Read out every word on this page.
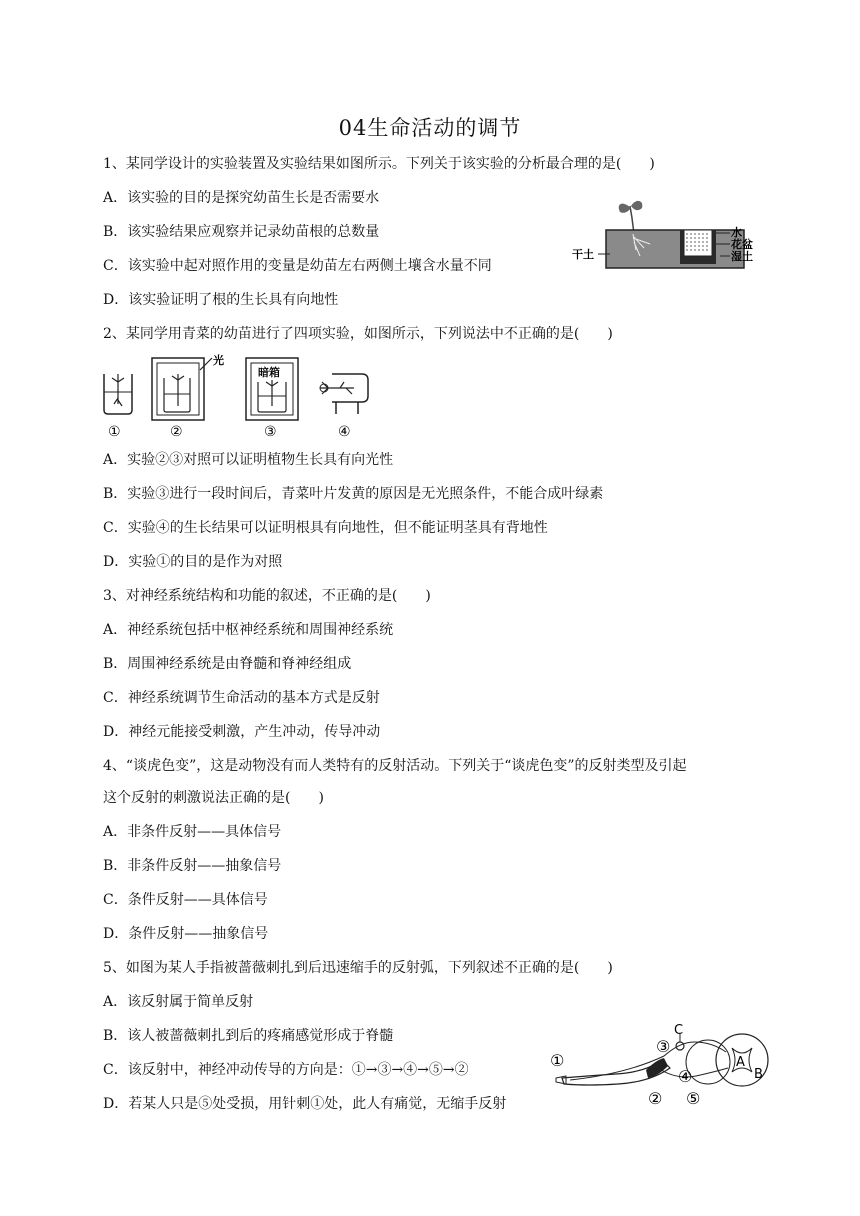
04生命活动的调节
1、某同学设计的实验装置及实验结果如图所示。下列关于该实验的分析最合理的是(　　)
A．该实验的目的是探究幼苗生长是否需要水
B．该实验结果应观察并记录幼苗根的总数量
C．该实验中起对照作用的变量是幼苗左右两侧土壤含水量不同
D．该实验证明了根的生长具有向地性
水
花盆
湿土
干土
2、某同学用青菜的幼苗进行了四项实验，如图所示，下列说法中不正确的是(　　)
①
光
②
暗箱
③	④
A．实验②③对照可以证明植物生长具有向光性
B．实验③进行一段时间后，青菜叶片发黄的原因是无光照条件，不能合成叶绿素
C．实验④的生长结果可以证明根具有向地性，但不能证明茎具有背地性
D．实验①的目的是作为对照
3、对神经系统结构和功能的叙述，不正确的是(　　)
A．神经系统包括中枢神经系统和周围神经系统
B．周围神经系统是由脊髓和脊神经组成
C．神经系统调节生命活动的基本方式是反射
D．神经元能接受刺激，产生冲动，传导冲动
4、“谈虎色变”，这是动物没有而人类特有的反射活动。下列关于“谈虎色变”的反射类型及引起
这个反射的刺激说法正确的是(　　)
A．非条件反射——具体信号
B．非条件反射——抽象信号
C．条件反射——具体信号
D．条件反射——抽象信号
5、如图为某人手指被蔷薇刺扎到后迅速缩手的反射弧，下列叙述不正确的是(　　)
A．该反射属于简单反射
B．该人被蔷薇刺扎到后的疼痛感觉形成于脊髓
C．该反射中，神经冲动传导的方向是：①→③→④→⑤→②
D．若某人只是⑤处受损，用针刺①处，此人有痛觉，无缩手反射
①
②
③
④
⑤
C
A
B
